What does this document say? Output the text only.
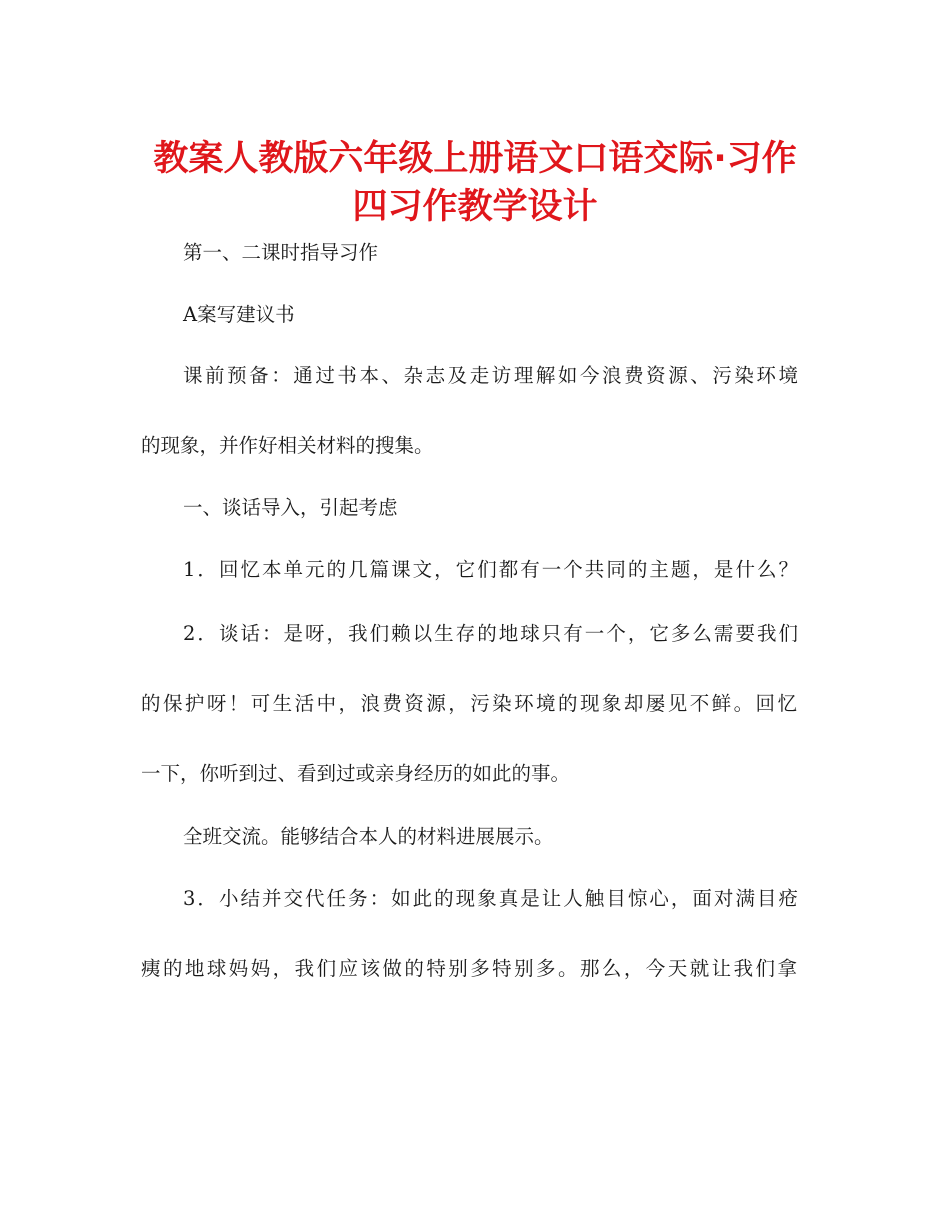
教案人教版六年级上册语文口语交际·习作
四习作教学设计
第一、二课时指导习作
A案写建议书
课前预备：通过书本、杂志及走访理解如今浪费资源、污染环境
的现象，并作好相关材料的搜集。
一、谈话导入，引起考虑
1．回忆本单元的几篇课文，它们都有一个共同的主题，是什么？
2．谈话：是呀，我们赖以生存的地球只有一个，它多么需要我们
的保护呀！可生活中，浪费资源，污染环境的现象却屡见不鲜。回忆
一下，你听到过、看到过或亲身经历的如此的事。
全班交流。能够结合本人的材料进展展示。
3．小结并交代任务：如此的现象真是让人触目惊心，面对满目疮
痍的地球妈妈，我们应该做的特别多特别多。那么，今天就让我们拿
